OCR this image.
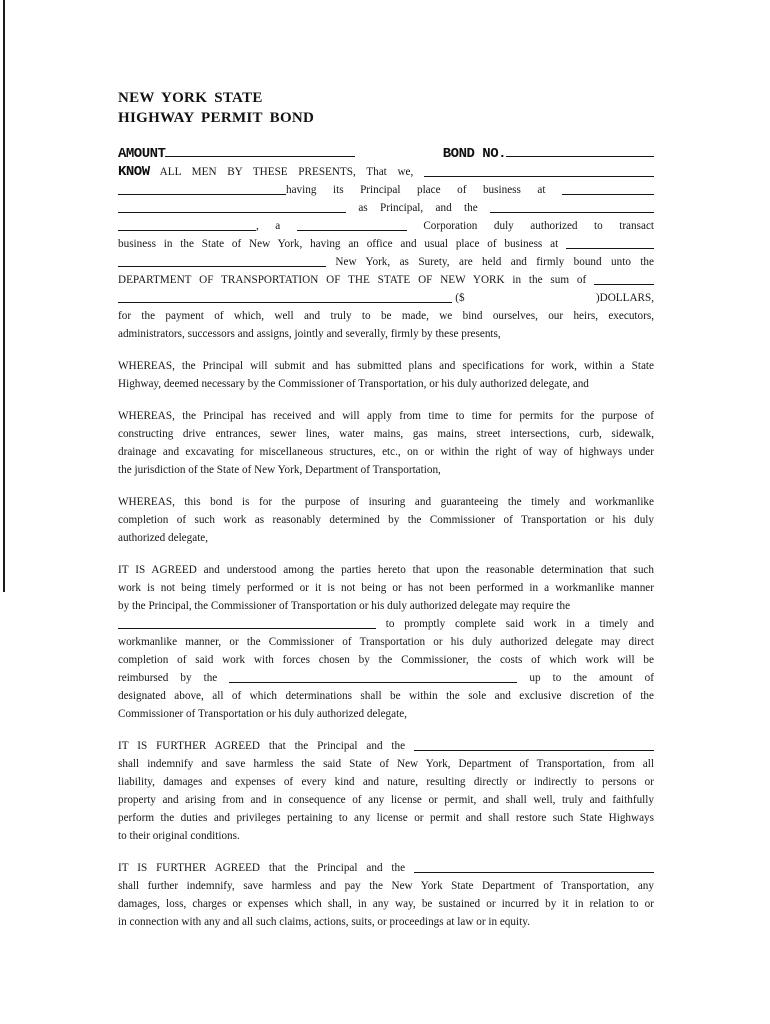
NEW YORK STATE
HIGHWAY PERMIT BOND
AMOUNT	BOND NO.
KNOW ALL MEN BY THESE PRESENTS, That we,
having its Principal place of business at
as Principal, and the
, a	Corporation duly authorized to transact
business in the State of New York, having an office and usual place of business at
New York, as Surety, are held and firmly bound unto the
DEPARTMENT OF TRANSPORTATION OF THE STATE OF NEW YORK in the sum of
($	)DOLLARS,
for the payment of which, well and truly to be made, we bind ourselves, our heirs, executors,
administrators, successors and assigns, jointly and severally, firmly by these presents,
WHEREAS, the Principal will submit and has submitted plans and specifications for work, within a State
Highway, deemed necessary by the Commissioner of Transportation, or his duly authorized delegate, and
WHEREAS, the Principal has received and will apply from time to time for permits for the purpose of
constructing drive entrances, sewer lines, water mains, gas mains, street intersections, curb, sidewalk,
drainage and excavating for miscellaneous structures, etc., on or within the right of way of highways under
the jurisdiction of the State of New York, Department of Transportation,
WHEREAS, this bond is for the purpose of insuring and guaranteeing the timely and workmanlike
completion of such work as reasonably determined by the Commissioner of Transportation or his duly
authorized delegate,
IT IS AGREED and understood among the parties hereto that upon the reasonable determination that such
work is not being timely performed or it is not being or has not been performed in a workmanlike manner
by the Principal, the Commissioner of Transportation or his duly authorized delegate may require the
to promptly complete said work in a timely and
workmanlike manner, or the Commissioner of Transportation or his duly authorized delegate may direct
completion of said work with forces chosen by the Commissioner, the costs of which work will be
reimbursed by the	up to the amount of
designated above, all of which determinations shall be within the sole and exclusive discretion of the
Commissioner of Transportation or his duly authorized delegate,
IT IS FURTHER AGREED that the Principal and the
shall indemnify and save harmless the said State of New York, Department of Transportation, from all
liability, damages and expenses of every kind and nature, resulting directly or indirectly to persons or
property and arising from and in consequence of any license or permit, and shall well, truly and faithfully
perform the duties and privileges pertaining to any license or permit and shall restore such State Highways
to their original conditions.
IT IS FURTHER AGREED that the Principal and the
shall further indemnify, save harmless and pay the New York State Department of Transportation, any
damages, loss, charges or expenses which shall, in any way, be sustained or incurred by it in relation to or
in connection with any and all such claims, actions, suits, or proceedings at law or in equity.
